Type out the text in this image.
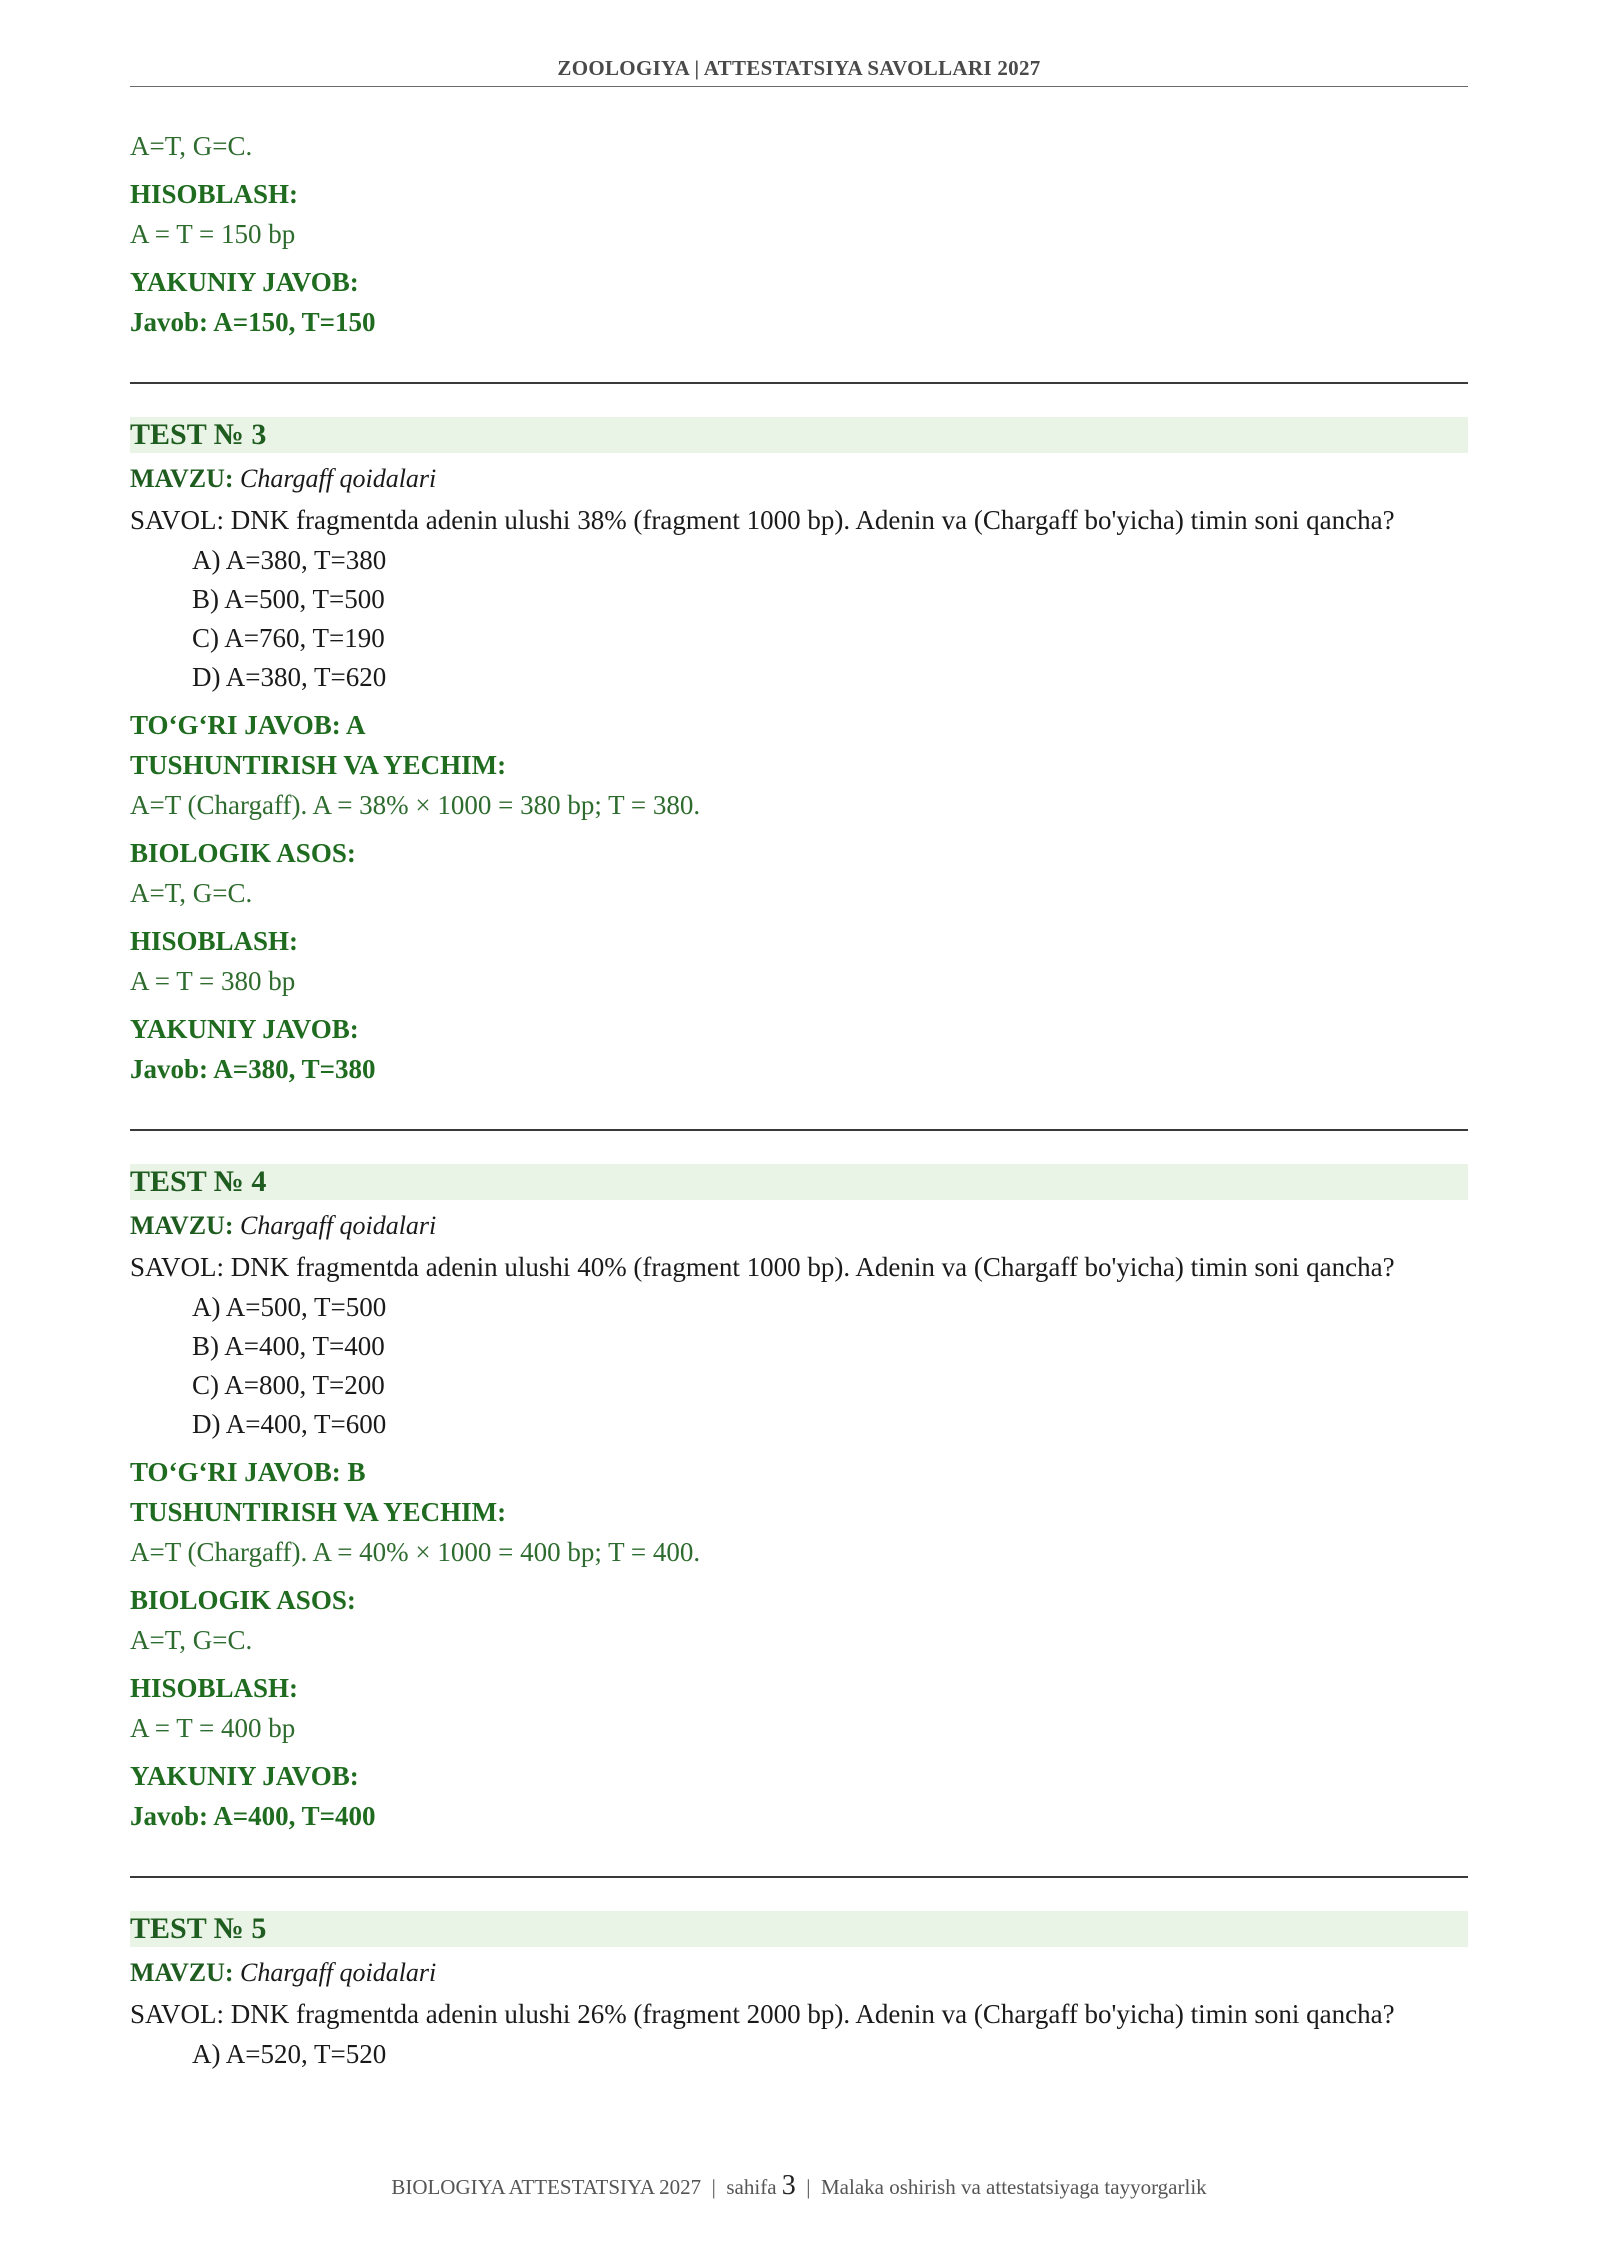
ZOOLOGIYA | ATTESTATSIYA SAVOLLARI 2027
A=T, G=C.
HISOBLASH:
A = T = 150 bp
YAKUNIY JAVOB:
Javob: A=150, T=150
TEST № 3
MAVZU: Chargaff qoidalari
SAVOL: DNK fragmentda adenin ulushi 38% (fragment 1000 bp). Adenin va (Chargaff bo'yicha) timin soni qancha?
A) A=380, T=380
B) A=500, T=500
C) A=760, T=190
D) A=380, T=620
TO‘G‘RI JAVOB: A
TUSHUNTIRISH VA YECHIM:
A=T (Chargaff). A = 38% × 1000 = 380 bp; T = 380.
BIOLOGIK ASOS:
A=T, G=C.
HISOBLASH:
A = T = 380 bp
YAKUNIY JAVOB:
Javob: A=380, T=380
TEST № 4
MAVZU: Chargaff qoidalari
SAVOL: DNK fragmentda adenin ulushi 40% (fragment 1000 bp). Adenin va (Chargaff bo'yicha) timin soni qancha?
A) A=500, T=500
B) A=400, T=400
C) A=800, T=200
D) A=400, T=600
TO‘G‘RI JAVOB: B
TUSHUNTIRISH VA YECHIM:
A=T (Chargaff). A = 40% × 1000 = 400 bp; T = 400.
BIOLOGIK ASOS:
A=T, G=C.
HISOBLASH:
A = T = 400 bp
YAKUNIY JAVOB:
Javob: A=400, T=400
TEST № 5
MAVZU: Chargaff qoidalari
SAVOL: DNK fragmentda adenin ulushi 26% (fragment 2000 bp). Adenin va (Chargaff bo'yicha) timin soni qancha?
A) A=520, T=520
BIOLOGIYA ATTESTATSIYA 2027 | sahifa 3 | Malaka oshirish va attestatsiyaga tayyorgarlik
